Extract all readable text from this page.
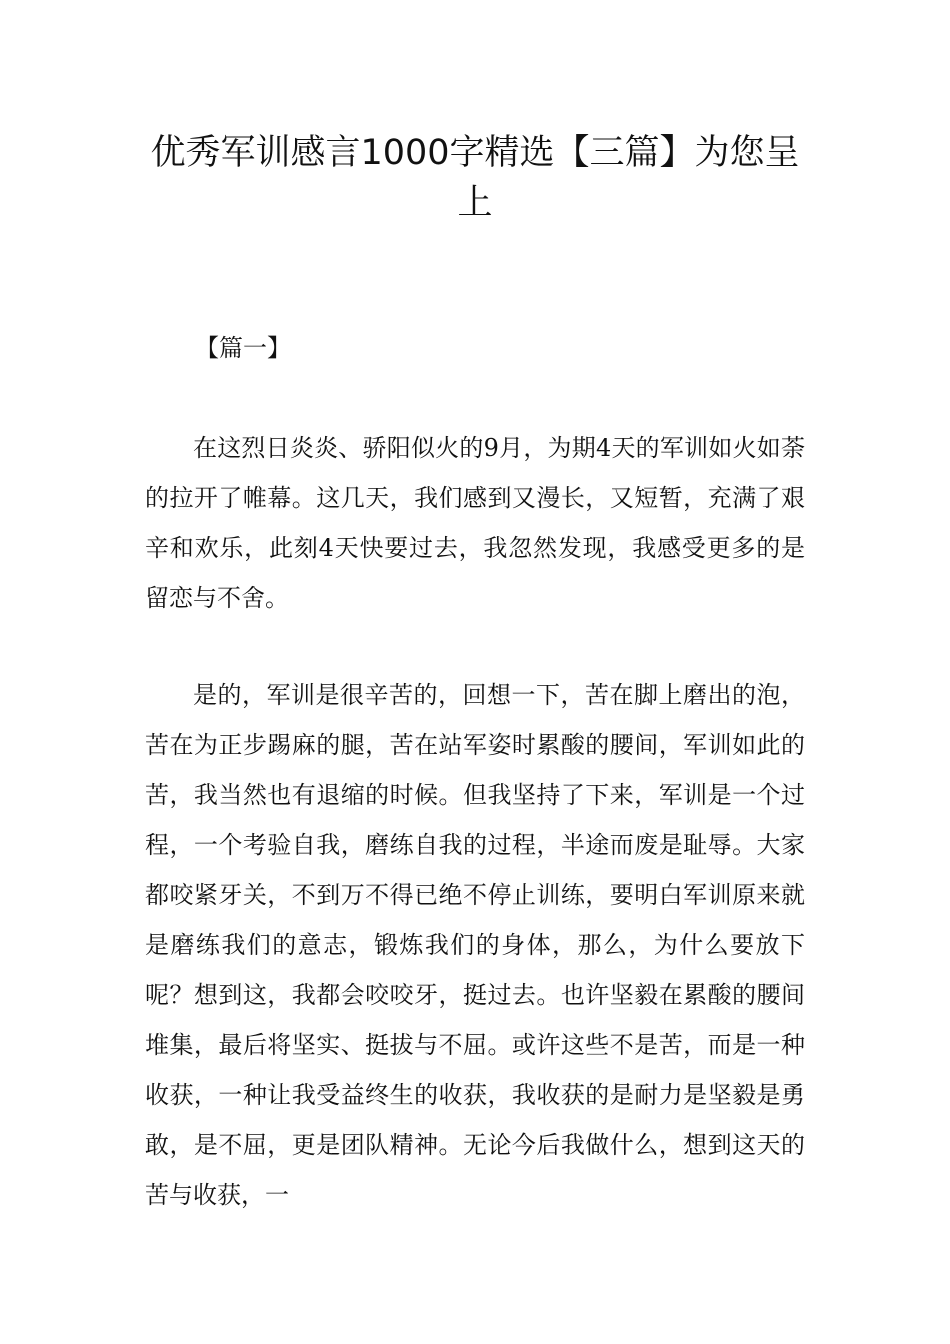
优秀军训感言1000字精选【三篇】为您呈上
【篇一】

在这烈日炎炎、骄阳似火的9月，为期4天的军训如火如荼的拉开了帷幕。这几天，我们感到又漫长，又短暂，充满了艰辛和欢乐，此刻4天快要过去，我忽然发现，我感受更多的是留恋与不舍。

是的，军训是很辛苦的，回想一下，苦在脚上磨出的泡，苦在为正步踢麻的腿，苦在站军姿时累酸的腰间，军训如此的苦，我当然也有退缩的时候。但我坚持了下来，军训是一个过程，一个考验自我，磨练自我的过程，半途而废是耻辱。大家都咬紧牙关，不到万不得已绝不停止训练，要明白军训原来就是磨练我们的意志，锻炼我们的身体，那么，为什么要放下呢？想到这，我都会咬咬牙，挺过去。也许坚毅在累酸的腰间堆集，最后将坚实、挺拔与不屈。或许这些不是苦，而是一种收获，一种让我受益终生的收获，我收获的是耐力是坚毅是勇敢，是不屈，更是团队精神。无论今后我做什么，想到这天的苦与收获，一
